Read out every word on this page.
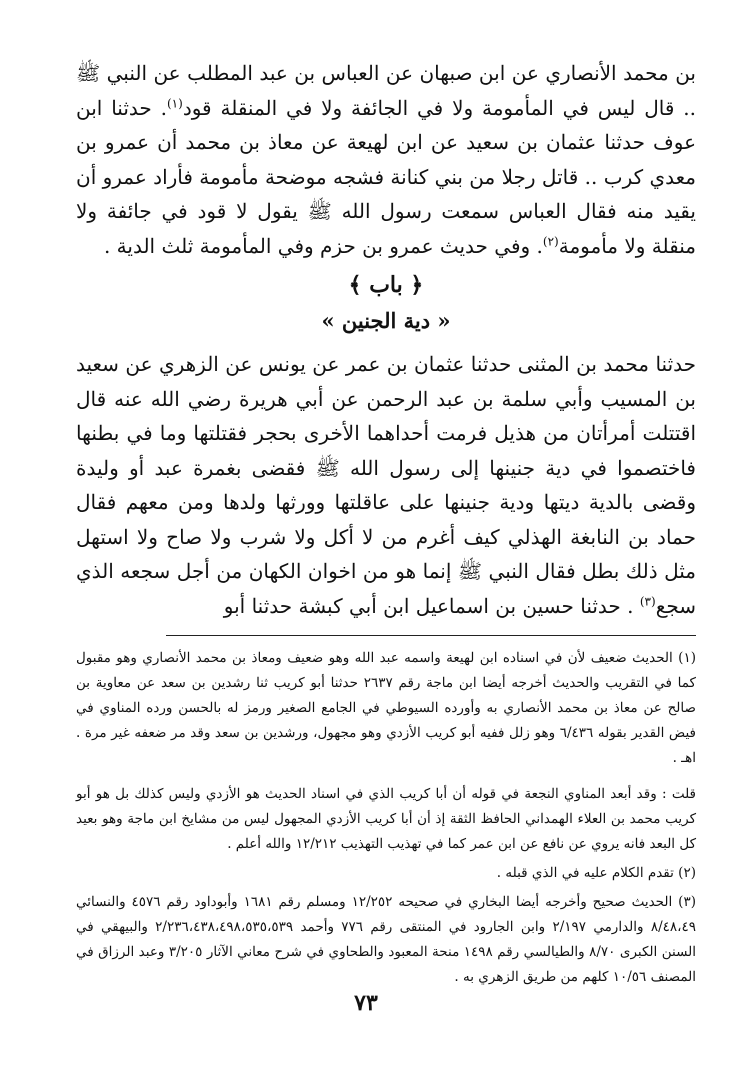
بن محمد الأنصاري عن ابن صبهان عن العباس بن عبد المطلب عن النبي ﷺ .. قال ليس في المأمومة ولا في الجائفة ولا في المنقلة قود$^{(١)}$. حدثنا ابن عوف حدثنا عثمان بن سعيد عن ابن لهيعة عن معاذ بن محمد أن عمرو بن معدي كرب .. قاتل رجلا من بني كنانة فشجه موضحة مأمومة فأراد عمرو أن يقيد منه فقال العباس سمعت رسول الله ﷺ يقول لا قود في جائفة ولا منقلة ولا مأمومة$^{(٢)}$. وفي حديث عمرو بن حزم وفي المأمومة ثلث الدية .

﴿ باب ﴾
« دية الجنين »

حدثنا محمد بن المثنى حدثنا عثمان بن عمر عن يونس عن الزهري عن سعيد بن المسيب وأبي سلمة بن عبد الرحمن عن أبي هريرة رضي الله عنه قال اقتتلت أمرأتان من هذيل فرمت أحداهما الأخرى بحجر فقتلتها وما في بطنها فاختصموا في دية جنينها إلى رسول الله ﷺ فقضى بغمرة عبد أو وليدة وقضى بالدية ديتها ودية جنينها على عاقلتها وورثها ولدها ومن معهم فقال حماد بن النابغة الهذلي كيف أغرم من لا أكل ولا شرب ولا صاح ولا استهل مثل ذلك بطل فقال النبي ﷺ إنما هو من اخوان الكهان من أجل سجعه الذي سجع$^{(٣)}$ . حدثنا حسين بن اسماعيل ابن أبي كبشة حدثنا أبو

(١) الحديث ضعيف لأن في اسناده ابن لهيعة واسمه عبد الله وهو ضعيف ومعاذ بن محمد الأنصاري وهو مقبول كما في التقريب والحديث أخرجه أيضا ابن ماجة رقم ٢٦٣٧ حدثنا أبو كريب ثنا رشدين بن سعد عن معاوية بن صالح عن معاذ بن محمد الأنصاري به وأورده السيوطي في الجامع الصغير ورمز له بالحسن ورده المناوي في فيض القدير بقوله ٦/٤٣٦ وهو زلل ففيه أبو كريب الأزدي وهو مجهول، ورشدين بن سعد وقد مر ضعفه غير مرة . اهـ .

قلت : وقد أبعد المناوي النجعة في قوله أن أبا كريب الذي في اسناد الحديث هو الأزدي وليس كذلك بل هو أبو كريب محمد بن العلاء الهمداني الحافظ الثقة إذ أن أبا كريب الأزدي المجهول ليس من مشايخ ابن ماجة وهو بعيد كل البعد فانه يروي عن نافع عن ابن عمر كما في تهذيب التهذيب ١٢/٢١٢ والله أعلم .

(٢) تقدم الكلام عليه في الذي قبله .

(٣) الحديث صحيح وأخرجه أيضا البخاري في صحيحه ١٢/٢٥٢ ومسلم رقم ١٦٨١ وأبوداود رقم ٤٥٧٦ والنسائي ٨/٤٨،٤٩ والدارمي ٢/١٩٧ وابن الجارود في المنتقى رقم ٧٧٦ وأحمد ٢/٢٣٦،٤٣٨،٤٩٨،٥٣٥،٥٣٩ والبيهقي في السنن الكبرى ٨/٧٠ والطيالسي رقم ١٤٩٨ منحة المعبود والطحاوي في شرح معاني الآثار ٣/٢٠٥ وعبد الرزاق في المصنف ١٠/٥٦ كلهم من طريق الزهري به .

٧٣
